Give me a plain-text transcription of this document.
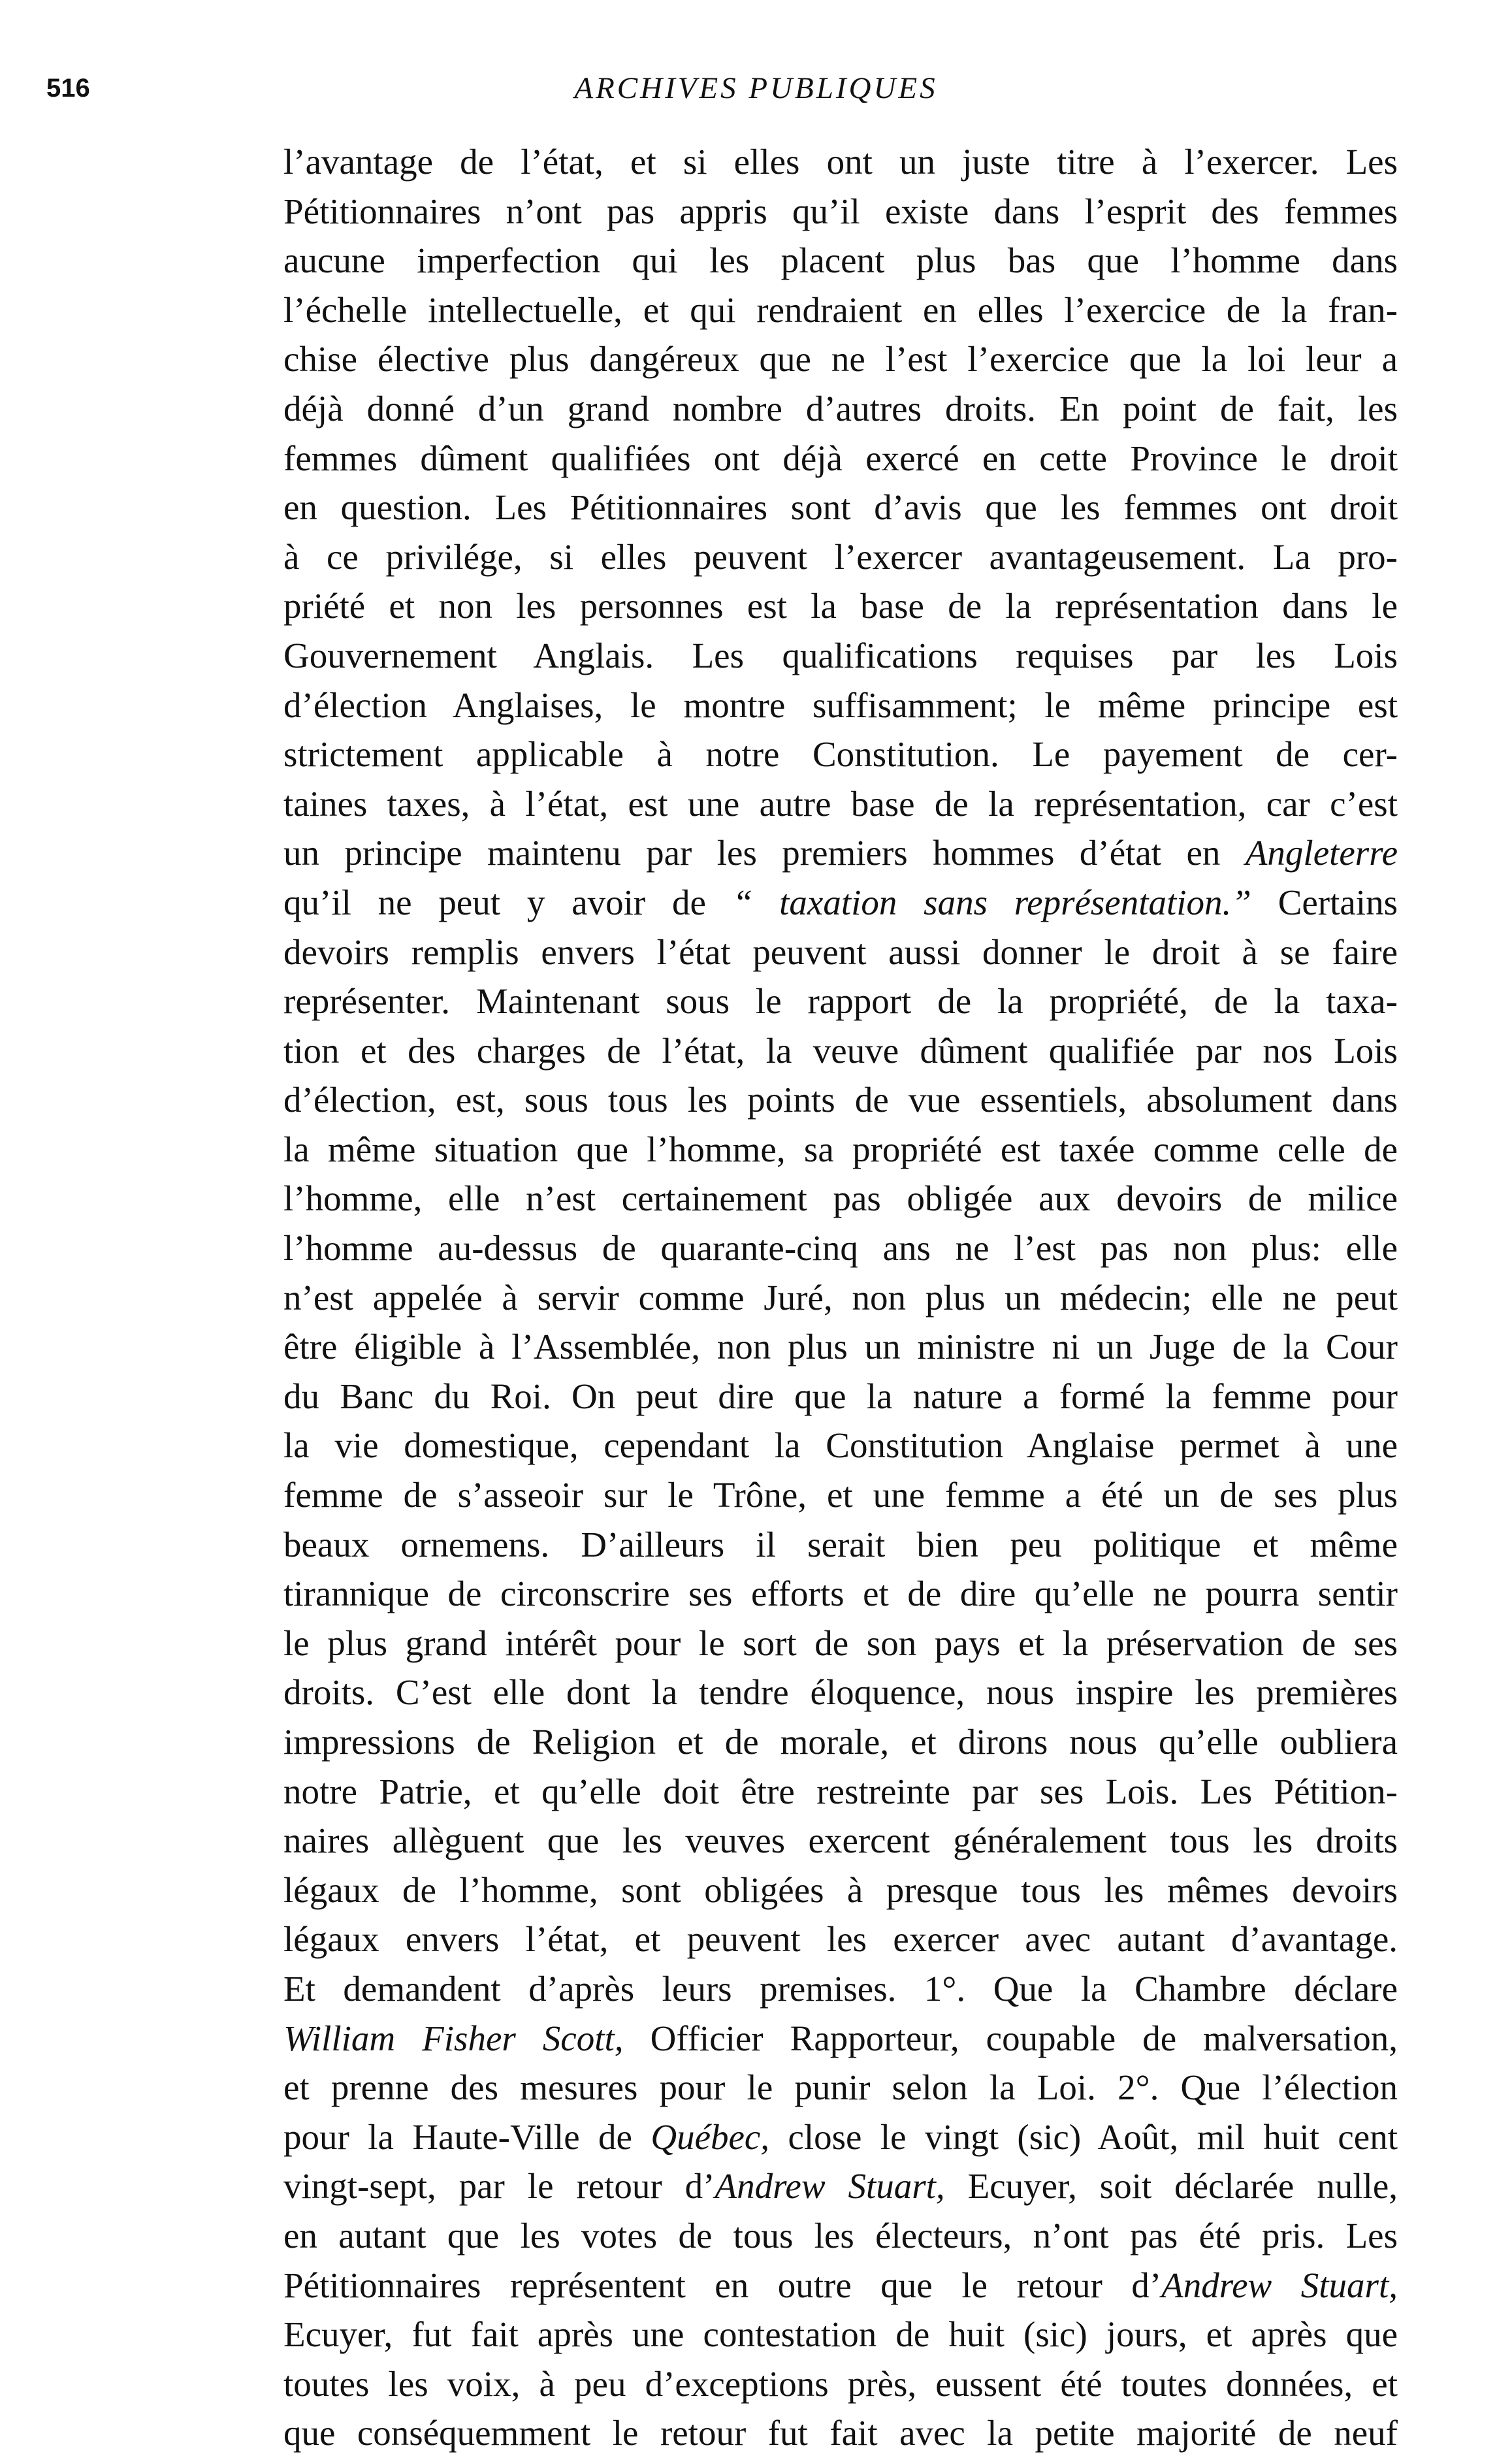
516	ARCHIVES PUBLIQUES
l’avantage de l’état, et si elles ont un juste titre à l’exercer. Les
Pétitionnaires n’ont pas appris qu’il existe dans l’esprit des femmes
aucune imperfection qui les placent plus bas que l’homme dans
l’échelle intellectuelle, et qui rendraient en elles l’exercice de la fran-
chise élective plus dangéreux que ne l’est l’exercice que la loi leur a
déjà donné d’un grand nombre d’autres droits. En point de fait, les
femmes dûment qualifiées ont déjà exercé en cette Province le droit
en question. Les Pétitionnaires sont d’avis que les femmes ont droit
à ce privilége, si elles peuvent l’exercer avantageusement. La pro-
priété et non les personnes est la base de la représentation dans le
Gouvernement Anglais. Les qualifications requises par les Lois
d’élection Anglaises, le montre suffisamment; le même principe est
strictement applicable à notre Constitution. Le payement de cer-
taines taxes, à l’état, est une autre base de la représentation, car c’est
un principe maintenu par les premiers hommes d’état en Angleterre
qu’il ne peut y avoir de “ taxation sans représentation.” Certains
devoirs remplis envers l’état peuvent aussi donner le droit à se faire
représenter. Maintenant sous le rapport de la propriété, de la taxa-
tion et des charges de l’état, la veuve dûment qualifiée par nos Lois
d’élection, est, sous tous les points de vue essentiels, absolument dans
la même situation que l’homme, sa propriété est taxée comme celle de
l’homme, elle n’est certainement pas obligée aux devoirs de milice
l’homme au-dessus de quarante-cinq ans ne l’est pas non plus: elle
n’est appelée à servir comme Juré, non plus un médecin; elle ne peut
être éligible à l’Assemblée, non plus un ministre ni un Juge de la Cour
du Banc du Roi. On peut dire que la nature a formé la femme pour
la vie domestique, cependant la Constitution Anglaise permet à une
femme de s’asseoir sur le Trône, et une femme a été un de ses plus
beaux ornemens. D’ailleurs il serait bien peu politique et même
tirannique de circonscrire ses efforts et de dire qu’elle ne pourra sentir
le plus grand intérêt pour le sort de son pays et la préservation de ses
droits. C’est elle dont la tendre éloquence, nous inspire les premières
impressions de Religion et de morale, et dirons nous qu’elle oubliera
notre Patrie, et qu’elle doit être restreinte par ses Lois. Les Pétition-
naires allèguent que les veuves exercent généralement tous les droits
légaux de l’homme, sont obligées à presque tous les mêmes devoirs
légaux envers l’état, et peuvent les exercer avec autant d’avantage.
Et demandent d’après leurs premises. 1°. Que la Chambre déclare
William Fisher Scott, Officier Rapporteur, coupable de malversation,
et prenne des mesures pour le punir selon la Loi. 2°. Que l’élection
pour la Haute-Ville de Québec, close le vingt (sic) Août, mil huit cent
vingt-sept, par le retour d’Andrew Stuart, Ecuyer, soit déclarée nulle,
en autant que les votes de tous les électeurs, n’ont pas été pris. Les
Pétitionnaires représentent en outre que le retour d’Andrew Stuart,
Ecuyer, fut fait après une contestation de huit (sic) jours, et après que
toutes les voix, à peu d’exceptions près, eussent été toutes données, et
que conséquemment le retour fut fait avec la petite majorité de neuf
